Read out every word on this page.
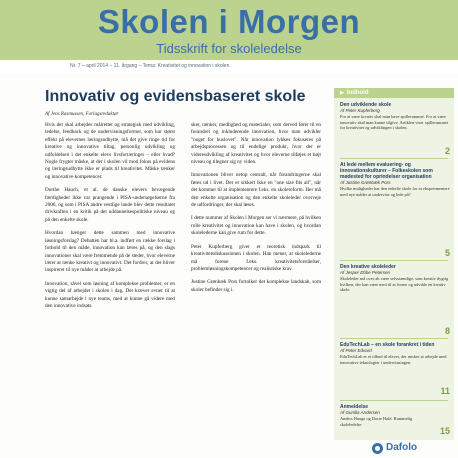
Skolen i Morgen
Tidsskrift for skoleledelse
Nr. 7 – april 2014 – 11. årgang – Tema: Kreativitet og innovation i skolen
Innovativ og evidensbaseret skole
Af Jens Rasmussen, Forlagsredaktør

Hvis der skal arbejdes målrettet og strategisk med udvikling, ledelse, feedback og de undervisningsformer, som har størst effekt på elevernes læringsudbytte, må det give ringe tid for kreative og innovative tiltag, personlig udvikling og udfoldelsen i det enkelte elevs livsfortæringer – eller hvad? Nogle frygter måske, at der i skolen vil mod fokus på evidens og læringsudbytte ikke er plads til kreativitet. Måske tænker og innovative kompetencer.

Dorthe Hauch, et al. de danske elevers bevægende færdigheder ikke var prangende i PISA-undersøgelserne fra 2006, og som i PISA andre vestlige lande blev dette resultatet drivkraften i en kritik på det uddannelsespolitiske niveau og på den enkelte skole.

Hvordan hænger dette sammen med innovative løsningsforslag? Debatten har bl.a. indført en række forslag i forhold til den måde, innovation kan læres på, og den slags innovationer skal være fremmende på de steder, hvor eleverne lærer at tænke kreativt og innovativt. Det fordrer, at det bliver inspireret til nye måder at arbejde på.

Innovation, såvel som løsning af komplekse problemer, er en vigtig del af arbejdet i skolen i dag. Det kræver evner til at kunne samarbejde i nye teams, med at kunne gå videre med den innovative indsats.

sker, tænker, medlighed og materialer, som derved fører til en forandret og inkluderende innovation, hvor man udvikler "noget for huslovet". Når innovation lykkes fokuseres på arbejdsprocessen og til endelige produkt, hvor der er videreudvikling af kreativitet og hvor eleverne tilføjes et højt niveau og tilegner sig ny viden.

Innovationen bliver netop centralt, når forandringerne skal føres ud i livet. Der er sikkert ikke en "one size fits all", når det kommer til at implementere f.eks. en skolereform. Her må den enkelte organisation og den enkelte skoleleder overveje de udfordringer, der skal løses.

I dette nummer af Skolen i Morgen ser vi nærmere, på hvilken rolle kreativitet og innovation kan have i skolen, og hvordan skolelederne kan give rum for dette.

Peter Kupferberg giver et teoretisk indspark til kreativitetsdiskussionen i skolen. Han mener, at skolelederne må forene f.eks. kreativitetsforståelser, problemløsningskompetencer og realistiske krav.

Justine Grønbæk Pors fortolker det komplekse landskab, som skoler befinder sig i.

▶ Indhold
Den udviklende skole
Af Peter Kupferberg
For at være kreativ skal man have spillerummet. For at være innovativ skal man kunne tilgive. Artiklen viser spillerummet for kreativitet og udviklingen i skolen.
2
At lede mellem evaluering- og innovationskulturer – Folkeskolen som mødested for oprindelser organisation
Af Justine Grønbæk Pors
Hvilke muligheder har den enkelte skole for at eksperimentere med nye måder at undervise og lede på?
5
Den kreative skoleleder
Af Jesper Ebbe Petersen
Skoleleder må over alt være selvstændige, som kreativ dygtig hvilken, der kan være med til at forme og udvikle en kreativ skole.
8
EduTechLab – en skole forankret i tiden
Af Peter Edvard
EduTechLab er et tilbud til elever, der ønsker at arbejde med innovative teknologier i undervisningen.
11
Anmeldelse
Af Gunilla Andersen
Anders Hauge og Dorte Hald. Rummelig skoleledelse
15
Dafolo
